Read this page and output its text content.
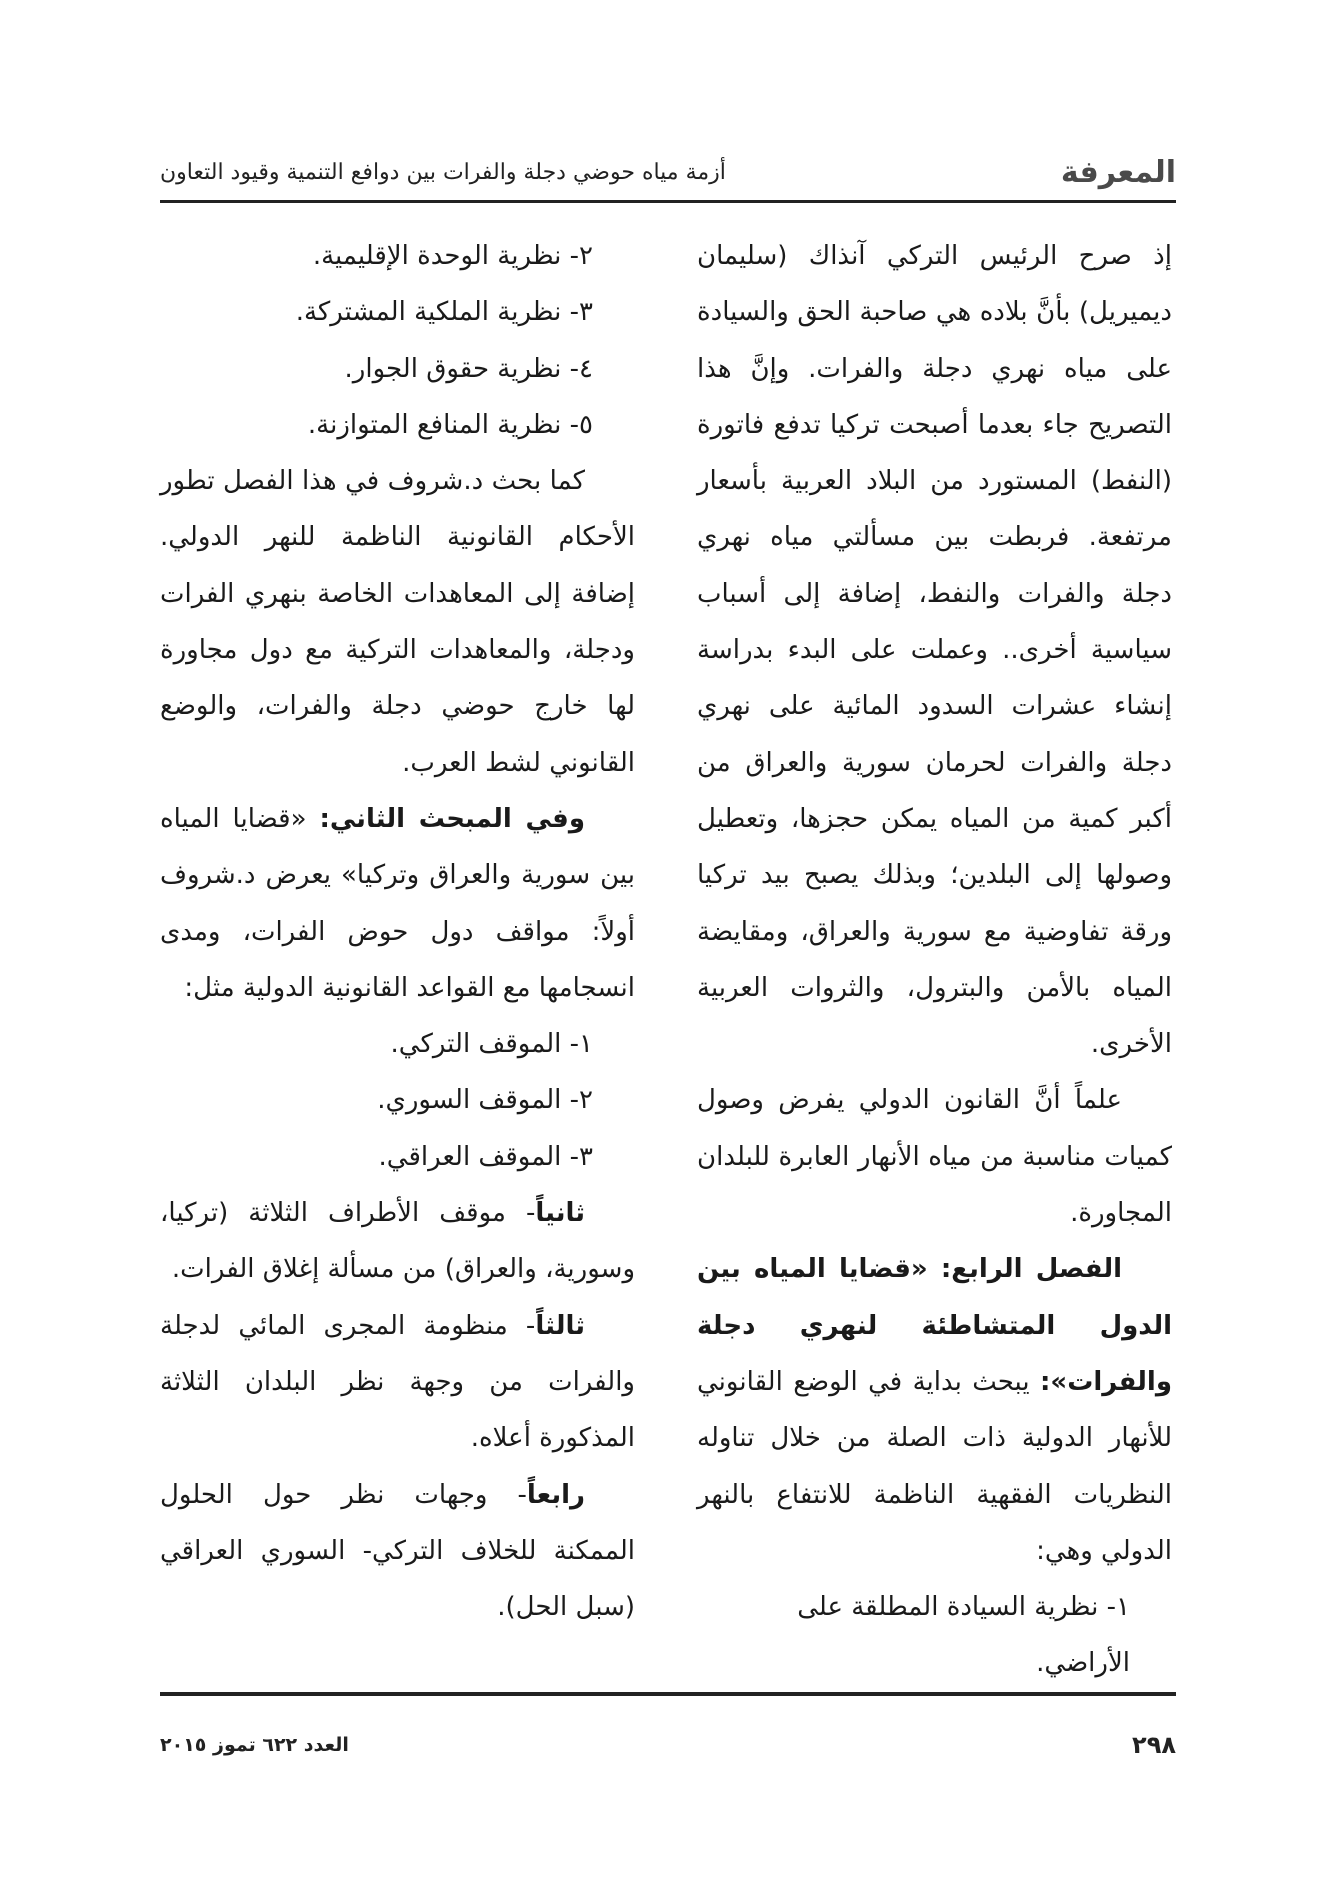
المعرفة
أزمة مياه حوضي دجلة والفرات بين دوافع التنمية وقيود التعاون

إذ صرح الرئيس التركي آنذاك (سليمان ديميريل) بأنَّ بلاده هي صاحبة الحق والسيادة على مياه نهري دجلة والفرات. وإنَّ هذا التصريح جاء بعدما أصبحت تركيا تدفع فاتورة (النفط) المستورد من البلاد العربية بأسعار مرتفعة. فربطت بين مسألتي مياه نهري دجلة والفرات والنفط، إضافة إلى أسباب سياسية أخرى.. وعملت على البدء بدراسة إنشاء عشرات السدود المائية على نهري دجلة والفرات لحرمان سورية والعراق من أكبر كمية من المياه يمكن حجزها، وتعطيل وصولها إلى البلدين؛ وبذلك يصبح بيد تركيا ورقة تفاوضية مع سورية والعراق، ومقايضة المياه بالأمن والبترول، والثروات العربية الأخرى.

علماً أنَّ القانون الدولي يفرض وصول كميات مناسبة من مياه الأنهار العابرة للبلدان المجاورة.

الفصل الرابع: «قضايا المياه بين الدول المتشاطئة لنهري دجلة والفرات»: يبحث بداية في الوضع القانوني للأنهار الدولية ذات الصلة من خلال تناوله النظريات الفقهية الناظمة للانتفاع بالنهر الدولي وهي:

١- نظرية السيادة المطلقة على الأراضي.

٢- نظرية الوحدة الإقليمية.

٣- نظرية الملكية المشتركة.

٤- نظرية حقوق الجوار.

٥- نظرية المنافع المتوازنة.

كما بحث د.شروف في هذا الفصل تطور الأحكام القانونية الناظمة للنهر الدولي. إضافة إلى المعاهدات الخاصة بنهري الفرات ودجلة، والمعاهدات التركية مع دول مجاورة لها خارج حوضي دجلة والفرات، والوضع القانوني لشط العرب.

وفي المبحث الثاني: «قضايا المياه بين سورية والعراق وتركيا» يعرض د.شروف أولاً: مواقف دول حوض الفرات، ومدى انسجامها مع القواعد القانونية الدولية مثل:

١- الموقف التركي.

٢- الموقف السوري.

٣- الموقف العراقي.

ثانياً- موقف الأطراف الثلاثة (تركيا، وسورية، والعراق) من مسألة إغلاق الفرات.

ثالثاً- منظومة المجرى المائي لدجلة والفرات من وجهة نظر البلدان الثلاثة المذكورة أعلاه.

رابعاً- وجهات نظر حول الحلول الممكنة للخلاف التركي- السوري العراقي (سبل الحل).

٢٩٨
العدد ٦٢٢ تموز ٢٠١٥
